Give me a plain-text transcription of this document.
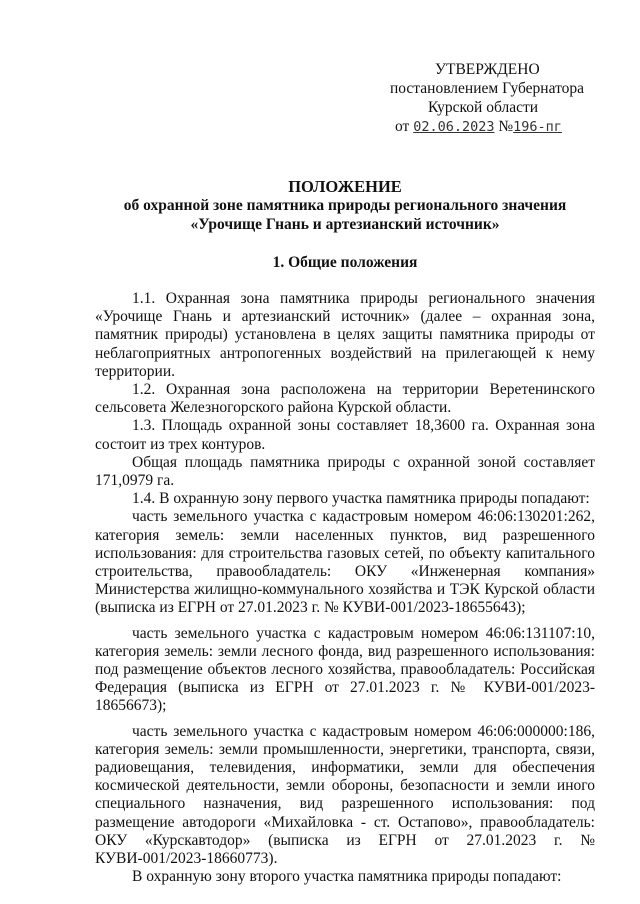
УТВЕРЖДЕНО
постановлением Губернатора
Курской области
от 02.06.2023 №196-пг
ПОЛОЖЕНИЕ
об охранной зоне памятника природы регионального значения
«Урочище Гнань и артезианский источник»
1. Общие положения

1.1. Охранная зона памятника природы регионального значения «Урочище Гнань и артезианский источник» (далее – охранная зона, памятник природы) установлена в целях защиты памятника природы от неблагоприятных антропогенных воздействий на прилегающей к нему территории.

1.2. Охранная зона расположена на территории Веретенинского сельсовета Железногорского района Курской области.

1.3. Площадь охранной зоны составляет 18,3600 га. Охранная зона состоит из трех контуров.

Общая площадь памятника природы с охранной зоной составляет 171,0979 га.

1.4. В охранную зону первого участка памятника природы попадают:

часть земельного участка с кадастровым номером 46:06:130201:262, категория земель: земли населенных пунктов, вид разрешенного использования: для строительства газовых сетей, по объекту капитального строительства, правообладатель: ОКУ «Инженерная компания» Министерства жилищно-коммунального хозяйства и ТЭК Курской области (выписка из ЕГРН от 27.01.2023 г. № КУВИ-001/2023-18655643);

часть земельного участка с кадастровым номером 46:06:131107:10, категория земель: земли лесного фонда, вид разрешенного использования: под размещение объектов лесного хозяйства, правообладатель: Российская Федерация (выписка из ЕГРН от 27.01.2023 г. № КУВИ-001/2023-18656673);

часть земельного участка с кадастровым номером 46:06:000000:186, категория земель: земли промышленности, энергетики, транспорта, связи, радиовещания, телевидения, информатики, земли для обеспечения космической деятельности, земли обороны, безопасности и земли иного специального назначения, вид разрешенного использования: под размещение автодороги «Михайловка - ст. Остапово», правообладатель: ОКУ «Курскавтодор» (выписка из ЕГРН от 27.01.2023 г. № КУВИ-001/2023-18660773).

В охранную зону второго участка памятника природы попадают:
